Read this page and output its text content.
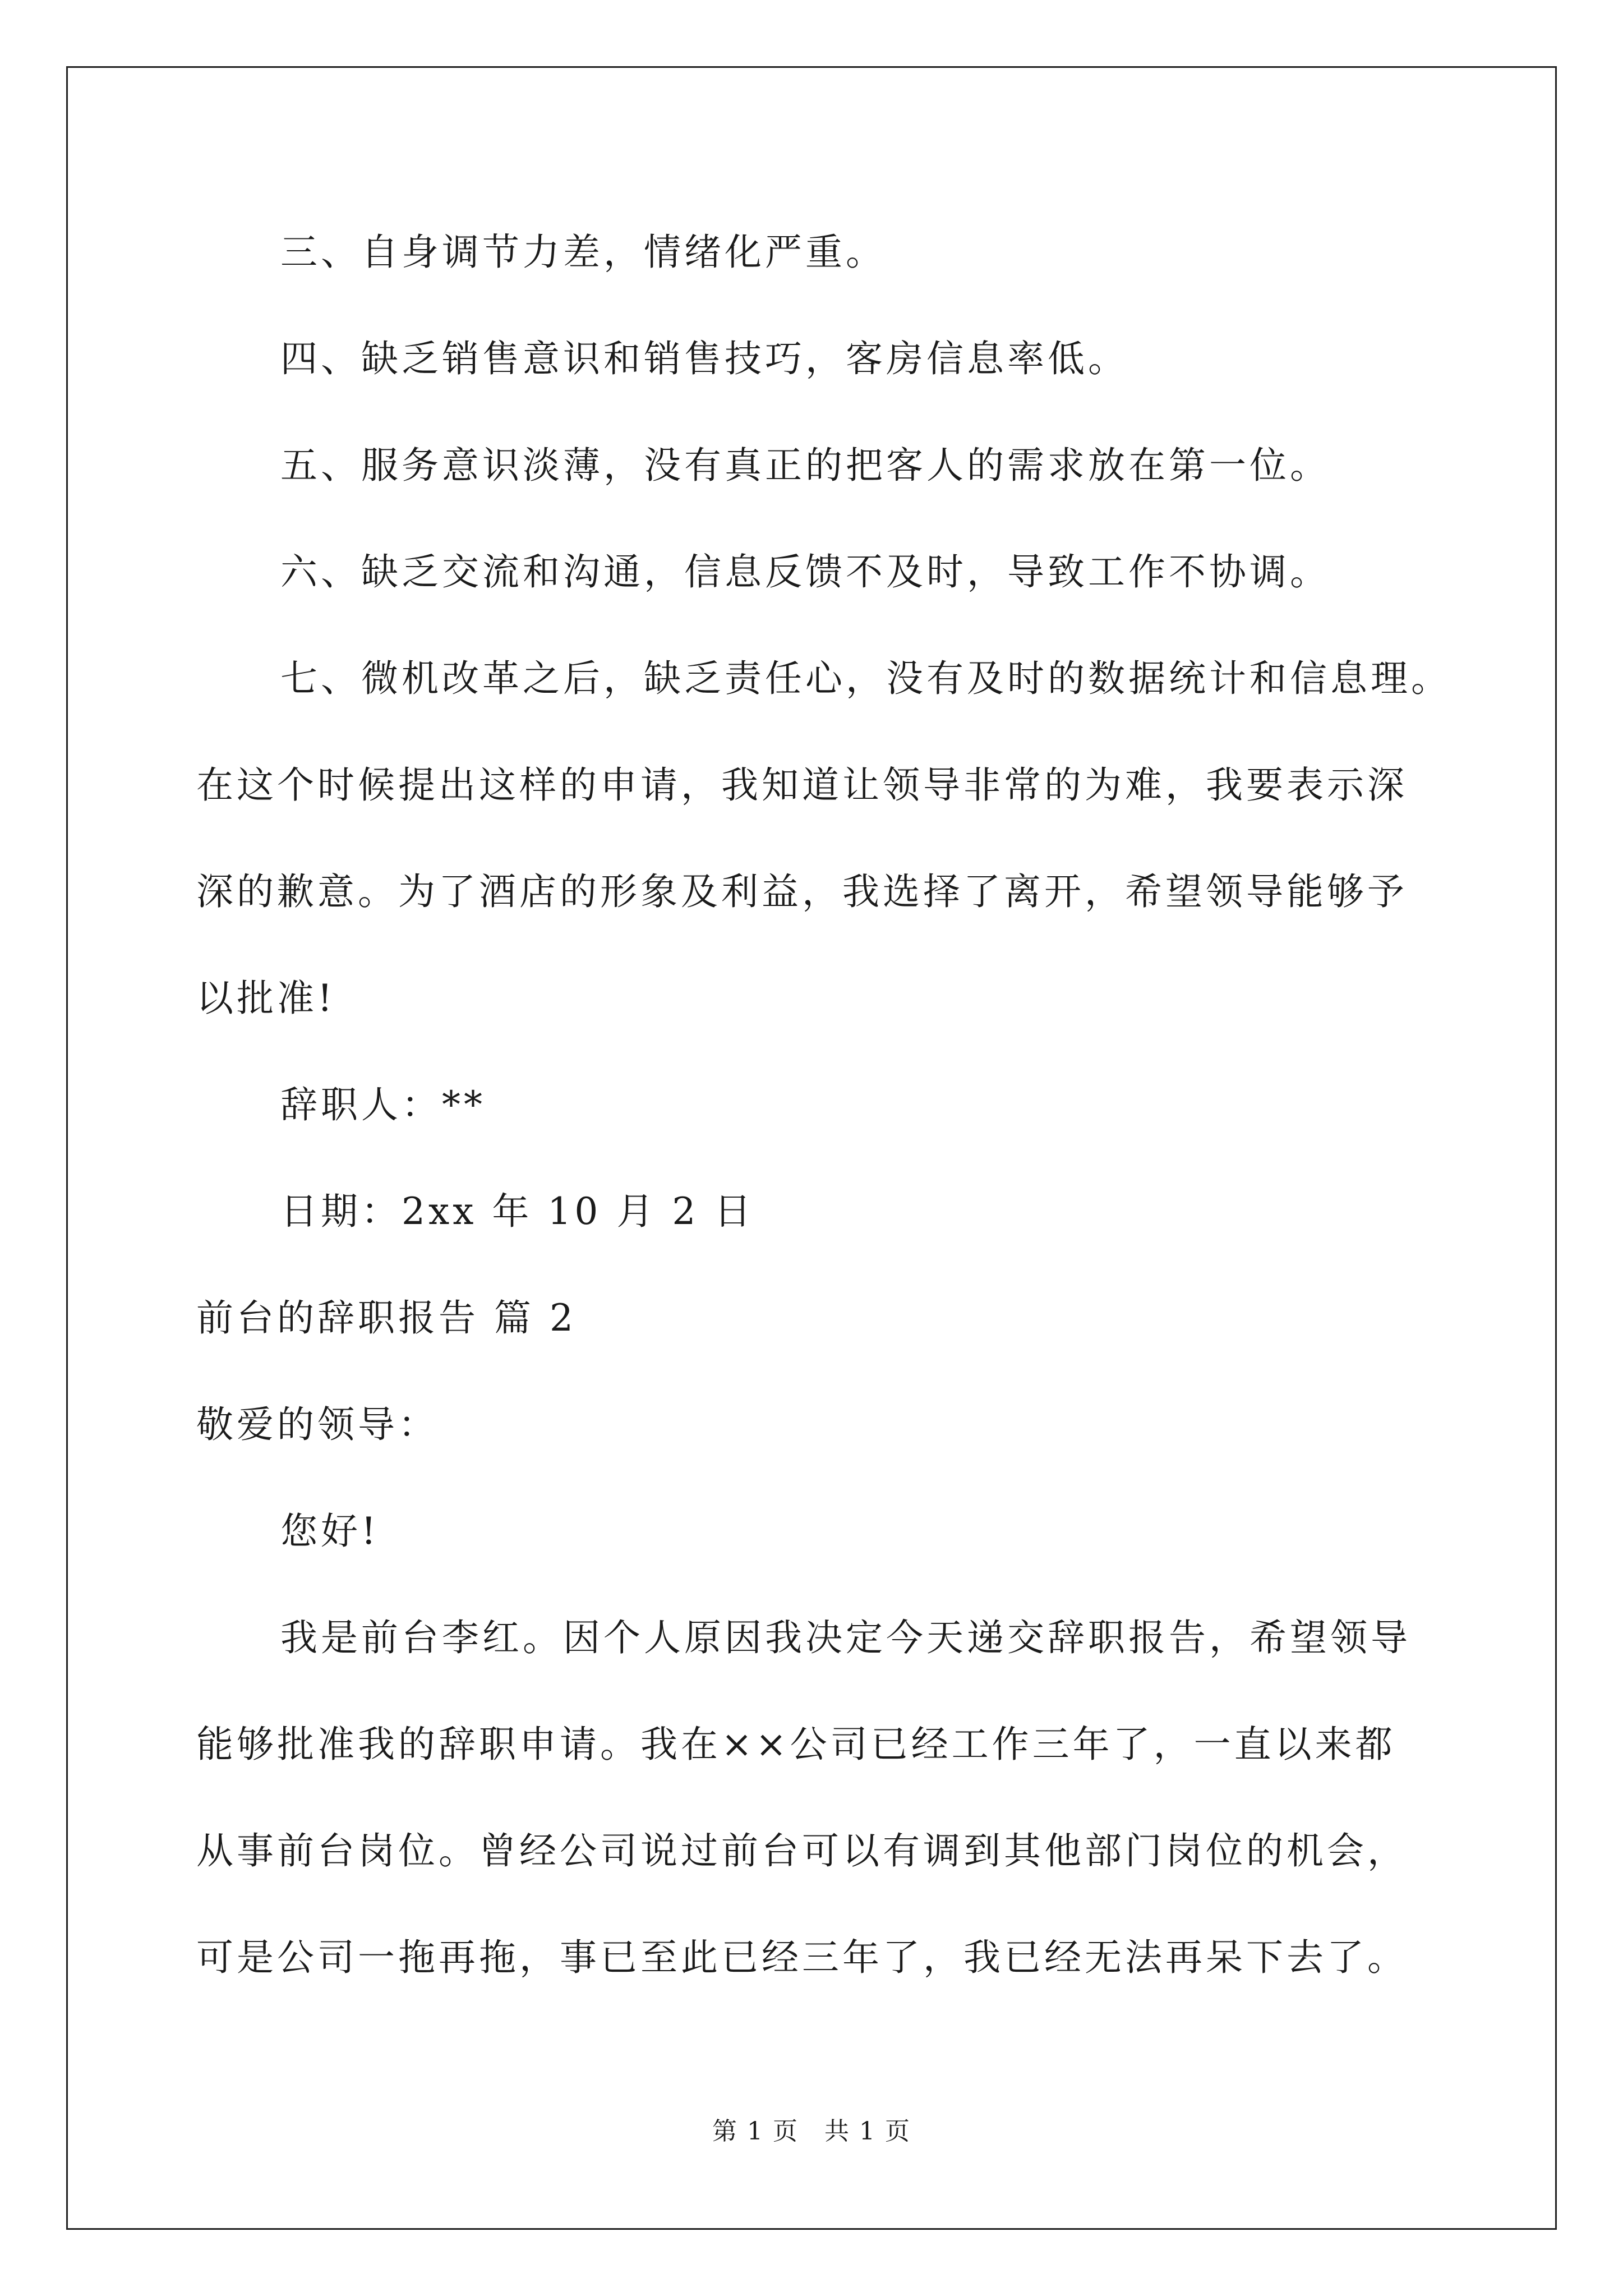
三、自身调节力差，情绪化严重。
四、缺乏销售意识和销售技巧，客房信息率低。
五、服务意识淡薄，没有真正的把客人的需求放在第一位。
六、缺乏交流和沟通，信息反馈不及时，导致工作不协调。
七、微机改革之后，缺乏责任心，没有及时的数据统计和信息理。
在这个时候提出这样的申请，我知道让领导非常的为难，我要表示深
深的歉意。为了酒店的形象及利益，我选择了离开，希望领导能够予
以批准!
辞职人：**
日期：2xx 年 10 月 2 日
前台的辞职报告 篇 2
敬爱的领导：
您好!
我是前台李红。因个人原因我决定今天递交辞职报告，希望领导
能够批准我的辞职申请。我在××公司已经工作三年了，一直以来都
从事前台岗位。曾经公司说过前台可以有调到其他部门岗位的机会，
可是公司一拖再拖，事已至此已经三年了，我已经无法再呆下去了。
第 1 页　共 1 页
